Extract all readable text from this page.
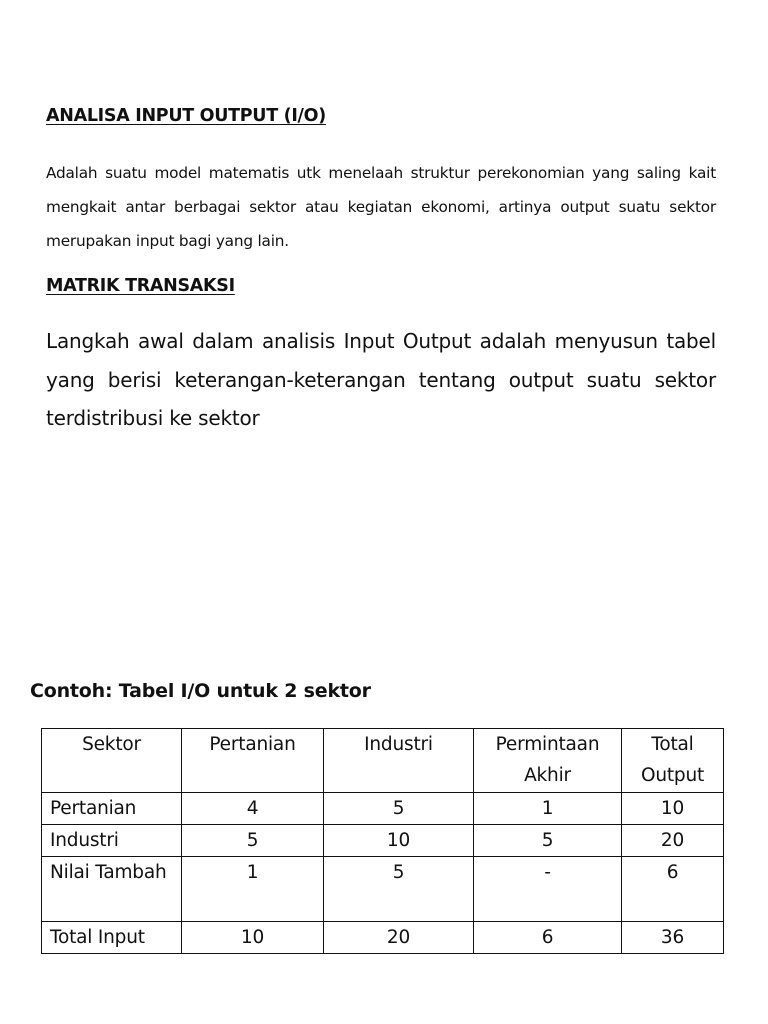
ANALISA INPUT OUTPUT (I/O)

Adalah suatu model matematis utk menelaah struktur perekonomian yang saling kait mengkait antar berbagai sektor atau kegiatan ekonomi, artinya output suatu sektor merupakan input bagi yang lain.

MATRIK TRANSAKSI

Langkah awal dalam analisis Input Output adalah menyusun tabel yang berisi keterangan-keterangan tentang output suatu sektor terdistribusi ke sektor

Contoh: Tabel I/O untuk 2 sektor

Sektor	Pertanian	Industri	Permintaan Akhir	Total Output
Pertanian	4	5	1	10
Industri	5	10	5	20
Nilai Tambah	1	5	-	6
Total Input	10	20	6	36
